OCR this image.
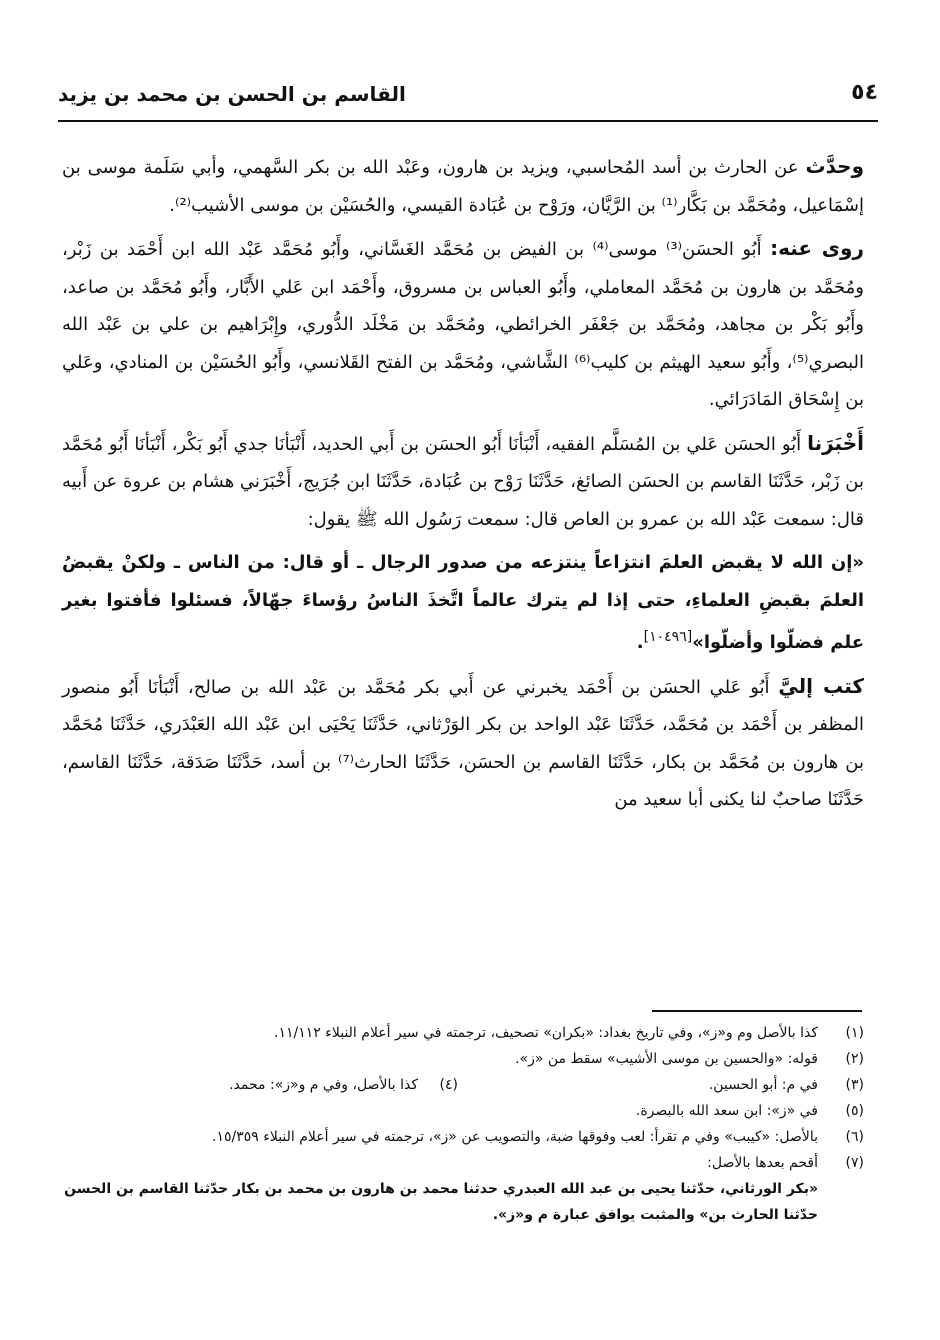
٥٤
القاسم بن الحسن بن محمد بن يزيد

وحدَّث عن الحارث بن أسد المُحاسبي، ويزيد بن هارون، وعَبْد الله بن بكر السَّهمي، وأبي سَلَمة موسى بن إسْمَاعيل، ومُحَمَّد بن بَكَّار⁽¹⁾ بن الرَّيَّان، ورَوْح بن عُبَادة القيسي، والحُسَيْن بن موسى الأشيب⁽²⁾.

روى عنه: أَبُو الحسَن⁽³⁾ موسى⁽⁴⁾ بن الفيض بن مُحَمَّد الغَسَّاني، وأَبُو مُحَمَّد عَبْد الله ابن أَحْمَد بن زَبْر، ومُحَمَّد بن هارون بن مُحَمَّد المعاملي، وأَبُو العباس بن مسروق، وأَحْمَد ابن عَلي الأَبَّار، وأَبُو مُحَمَّد بن صاعد، وأَبُو بَكْر بن مجاهد، ومُحَمَّد بن جَعْفَر الخرائطي، ومُحَمَّد بن مَخْلَد الدُّوري، وإِبْرَاهيم بن علي بن عَبْد الله البصري⁽⁵⁾، وأَبُو سعيد الهيثم بن كليب⁽⁶⁾ الشَّاشي، ومُحَمَّد بن الفتح القَلانسي، وأَبُو الحُسَيْن بن المنادي، وعَلي بن إِسْحَاق المَادَرَائي.

أَخْبَرَنا أَبُو الحسَن عَلي بن المُسَلَّم الفقيه، أَنْبَأنَا أَبُو الحسَن بن أَبي الحديد، أَنْبَأنَا جدي أَبُو بَكْر، أَنْبَأنَا أَبُو مُحَمَّد بن زَبْر، حَدَّثَنَا القاسم بن الحسَن الصائغ، حَدَّثَنَا رَوْح بن عُبَادة، حَدَّثَنَا ابن جُرَيج، أَخْبَرَني هشام بن عروة عن أَبيه قال: سمعت عَبْد الله بن عمرو بن العاص قال: سمعت رَسُول الله ﷺ يقول:

«إن الله لا يقبض العلمَ انتزاعاً ينتزعه من صدور الرجال ـ أو قال: من الناس ـ ولكنْ يقبضُ العلمَ بقبضِ العلماءِ، حتى إذا لم يترك عالماً اتَّخذَ الناسُ رؤساءَ جهّالاً، فسئلوا فأفتوا بغير علم فضلّوا وأضلّوا»[١٠٤٩٦].

كتب إليَّ أَبُو عَلي الحسَن بن أَحْمَد يخبرني عن أَبي بكر مُحَمَّد بن عَبْد الله بن صالح، أَنْبَأنَا أَبُو منصور المظفر بن أَحْمَد بن مُحَمَّد، حَدَّثَنَا عَبْد الواحد بن بكر الوَرْثاني، حَدَّثَنَا يَحْيَى ابن عَبْد الله العَبْدَري، حَدَّثَنَا مُحَمَّد بن هارون بن مُحَمَّد بن بكار، حَدَّثَنَا القاسم بن الحسَن، حَدَّثَنَا الحارث⁽⁷⁾ بن أسد، حَدَّثَنَا صَدَقة، حَدَّثَنَا القاسم، حَدَّثَنَا صاحبٌ لنا يكنى أبا سعيد من

(١)
كذا بالأصل وم و«ز»، وفي تاريخ بغداد: «بكران» تصحيف، ترجمته في سير أعلام النبلاء ١١/١١٢.

(٢)
قوله: «والحسين بن موسى الأشيب» سقط من «ز».

(٣)
في م: أبو الحسين.

(٤)
كذا بالأصل، وفي م و«ز»: محمد.

(٥)
في «ز»: ابن سعد الله بالبصرة.

(٦)
بالأصل: «كيبب» وفي م تقرأ: لعب وفوقها ضبة، والتصويب عن «ز»، ترجمته في سير أعلام النبلاء ١٥/٣٥٩.

(٧)
أقحم بعدها بالأصل:

«بكر الورثاني، حدّثنا يحيى بن عبد الله العبدري حدثنا محمد بن هارون بن محمد بن بكار حدّثنا القاسم بن الحسن حدّثنا الحارث بن» والمثبت يوافق عبارة م و«ز».
